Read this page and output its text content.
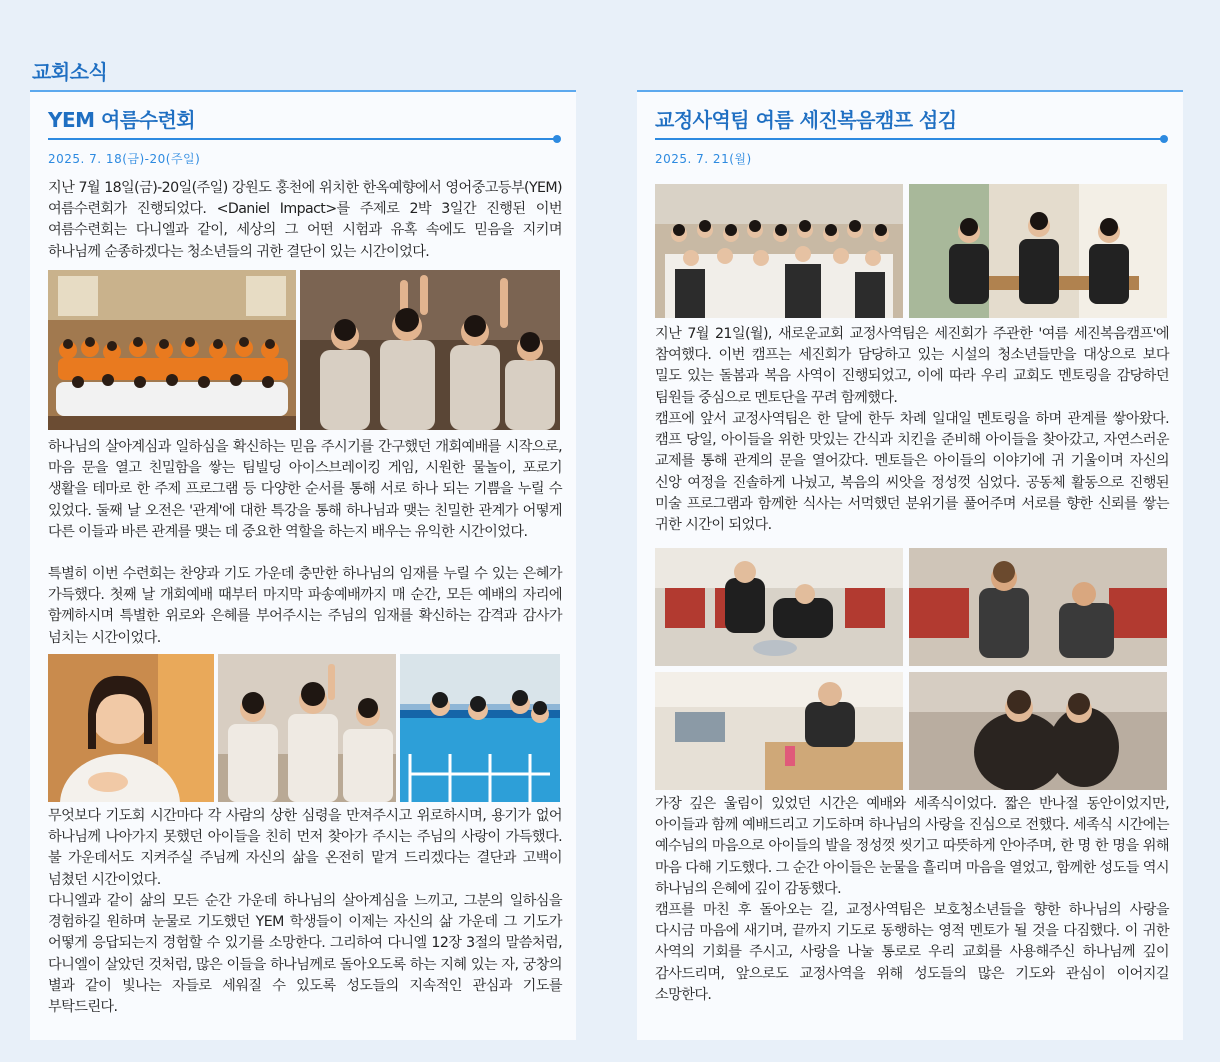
교회소식
YEM 여름수련회
2025. 7. 18(금)-20(주일)

지난 7월 18일(금)-20일(주일) 강원도 홍천에 위치한 한옥예향에서 영어중고등부(YEM) 여름수련회가 진행되었다. <Daniel Impact>를 주제로 2박 3일간 진행된 이번 여름수련회는 다니엘과 같이, 세상의 그 어떤 시험과 유혹 속에도 믿음을 지키며 하나님께 순종하겠다는 청소년들의 귀한 결단이 있는 시간이었다.

하나님의 살아계심과 일하심을 확신하는 믿음 주시기를 간구했던 개회예배를 시작으로, 마음 문을 열고 친밀함을 쌓는 팀빌딩 아이스브레이킹 게임, 시원한 물놀이, 포로기 생활을 테마로 한 주제 프로그램 등 다양한 순서를 통해 서로 하나 되는 기쁨을 누릴 수 있었다. 둘째 날 오전은 '관계'에 대한 특강을 통해 하나님과 맺는 친밀한 관계가 어떻게 다른 이들과 바른 관계를 맺는 데 중요한 역할을 하는지 배우는 유익한 시간이었다.

특별히 이번 수련회는 찬양과 기도 가운데 충만한 하나님의 임재를 누릴 수 있는 은혜가 가득했다. 첫째 날 개회예배 때부터 마지막 파송예배까지 매 순간, 모든 예배의 자리에 함께하시며 특별한 위로와 은혜를 부어주시는 주님의 임재를 확신하는 감격과 감사가 넘치는 시간이었다.

무엇보다 기도회 시간마다 각 사람의 상한 심령을 만져주시고 위로하시며, 용기가 없어 하나님께 나아가지 못했던 아이들을 친히 먼저 찾아가 주시는 주님의 사랑이 가득했다. 불 가운데서도 지켜주실 주님께 자신의 삶을 온전히 맡겨 드리겠다는 결단과 고백이 넘쳤던 시간이었다.

다니엘과 같이 삶의 모든 순간 가운데 하나님의 살아계심을 느끼고, 그분의 일하심을 경험하길 원하며 눈물로 기도했던 YEM 학생들이 이제는 자신의 삶 가운데 그 기도가 어떻게 응답되는지 경험할 수 있기를 소망한다. 그리하여 다니엘 12장 3절의 말씀처럼, 다니엘이 살았던 것처럼, 많은 이들을 하나님께로 돌아오도록 하는 지혜 있는 자, 궁창의 별과 같이 빛나는 자들로 세워질 수 있도록 성도들의 지속적인 관심과 기도를 부탁드린다.

교정사역팀 여름 세진복음캠프 섬김
2025. 7. 21(월)

지난 7월 21일(월), 새로운교회 교정사역팀은 세진회가 주관한 '여름 세진복음캠프'에 참여했다. 이번 캠프는 세진회가 담당하고 있는 시설의 청소년들만을 대상으로 보다 밀도 있는 돌봄과 복음 사역이 진행되었고, 이에 따라 우리 교회도 멘토링을 감당하던 팀원들 중심으로 멘토단을 꾸려 함께했다.

캠프에 앞서 교정사역팀은 한 달에 한두 차례 일대일 멘토링을 하며 관계를 쌓아왔다. 캠프 당일, 아이들을 위한 맛있는 간식과 치킨을 준비해 아이들을 찾아갔고, 자연스러운 교제를 통해 관계의 문을 열어갔다. 멘토들은 아이들의 이야기에 귀 기울이며 자신의 신앙 여정을 진솔하게 나눴고, 복음의 씨앗을 정성껏 심었다. 공동체 활동으로 진행된 미술 프로그램과 함께한 식사는 서먹했던 분위기를 풀어주며 서로를 향한 신뢰를 쌓는 귀한 시간이 되었다.

가장 깊은 울림이 있었던 시간은 예배와 세족식이었다. 짧은 반나절 동안이었지만, 아이들과 함께 예배드리고 기도하며 하나님의 사랑을 진심으로 전했다. 세족식 시간에는 예수님의 마음으로 아이들의 발을 정성껏 씻기고 따뜻하게 안아주며, 한 명 한 명을 위해 마음 다해 기도했다. 그 순간 아이들은 눈물을 흘리며 마음을 열었고, 함께한 성도들 역시 하나님의 은혜에 깊이 감동했다.

캠프를 마친 후 돌아오는 길, 교정사역팀은 보호청소년들을 향한 하나님의 사랑을 다시금 마음에 새기며, 끝까지 기도로 동행하는 영적 멘토가 될 것을 다짐했다. 이 귀한 사역의 기회를 주시고, 사랑을 나눌 통로로 우리 교회를 사용해주신 하나님께 깊이 감사드리며, 앞으로도 교정사역을 위해 성도들의 많은 기도와 관심이 이어지길 소망한다.
